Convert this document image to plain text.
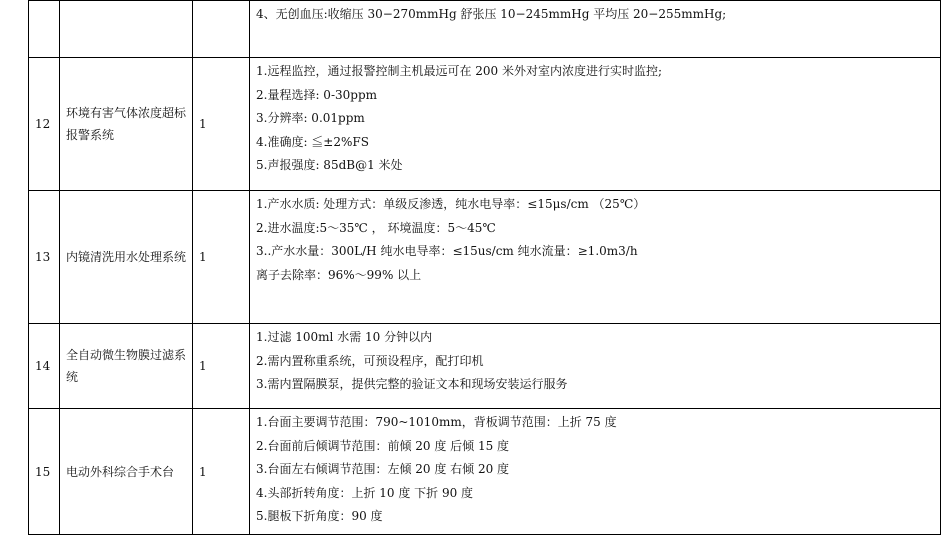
			4、无创血压:收缩压 30−270mmHg 舒张压 10−245mmHg 平均压 20−255mmHg;

12	环境有害气体浓度超标报警系统	1	1.远程监控，通过报警控制主机最远可在 200 米外对室内浓度进行实时监控;
2.量程选择: 0-30ppm
3.分辨率: 0.01ppm
4.准确度: ≦±2%FS
5.声报强度: 85dB@1 米处

13	内镜清洗用水处理系统	1	1.产水水质: 处理方式：单级反渗透，纯水电导率：≤15μs/cm （25℃）
2.进水温度:5～35℃ ， 环境温度：5～45℃
3..产水水量：300L/H 纯水电导率：≤15us/cm 纯水流量：≥1.0m3/h
离子去除率：96%～99% 以上

14	全自动微生物膜过滤系统	1	1.过滤 100ml 水需 10 分钟以内
2.需内置称重系统，可预设程序，配打印机
3.需内置隔膜泵，提供完整的验证文本和现场安装运行服务

15	电动外科综合手术台	1	1.台面主要调节范围：790~1010mm，背板调节范围：上折 75 度
2.台面前后倾调节范围：前倾 20 度 后倾 15 度
3.台面左右倾调节范围：左倾 20 度 右倾 20 度
4.头部折转角度：上折 10 度 下折 90 度
5.腿板下折角度：90 度
